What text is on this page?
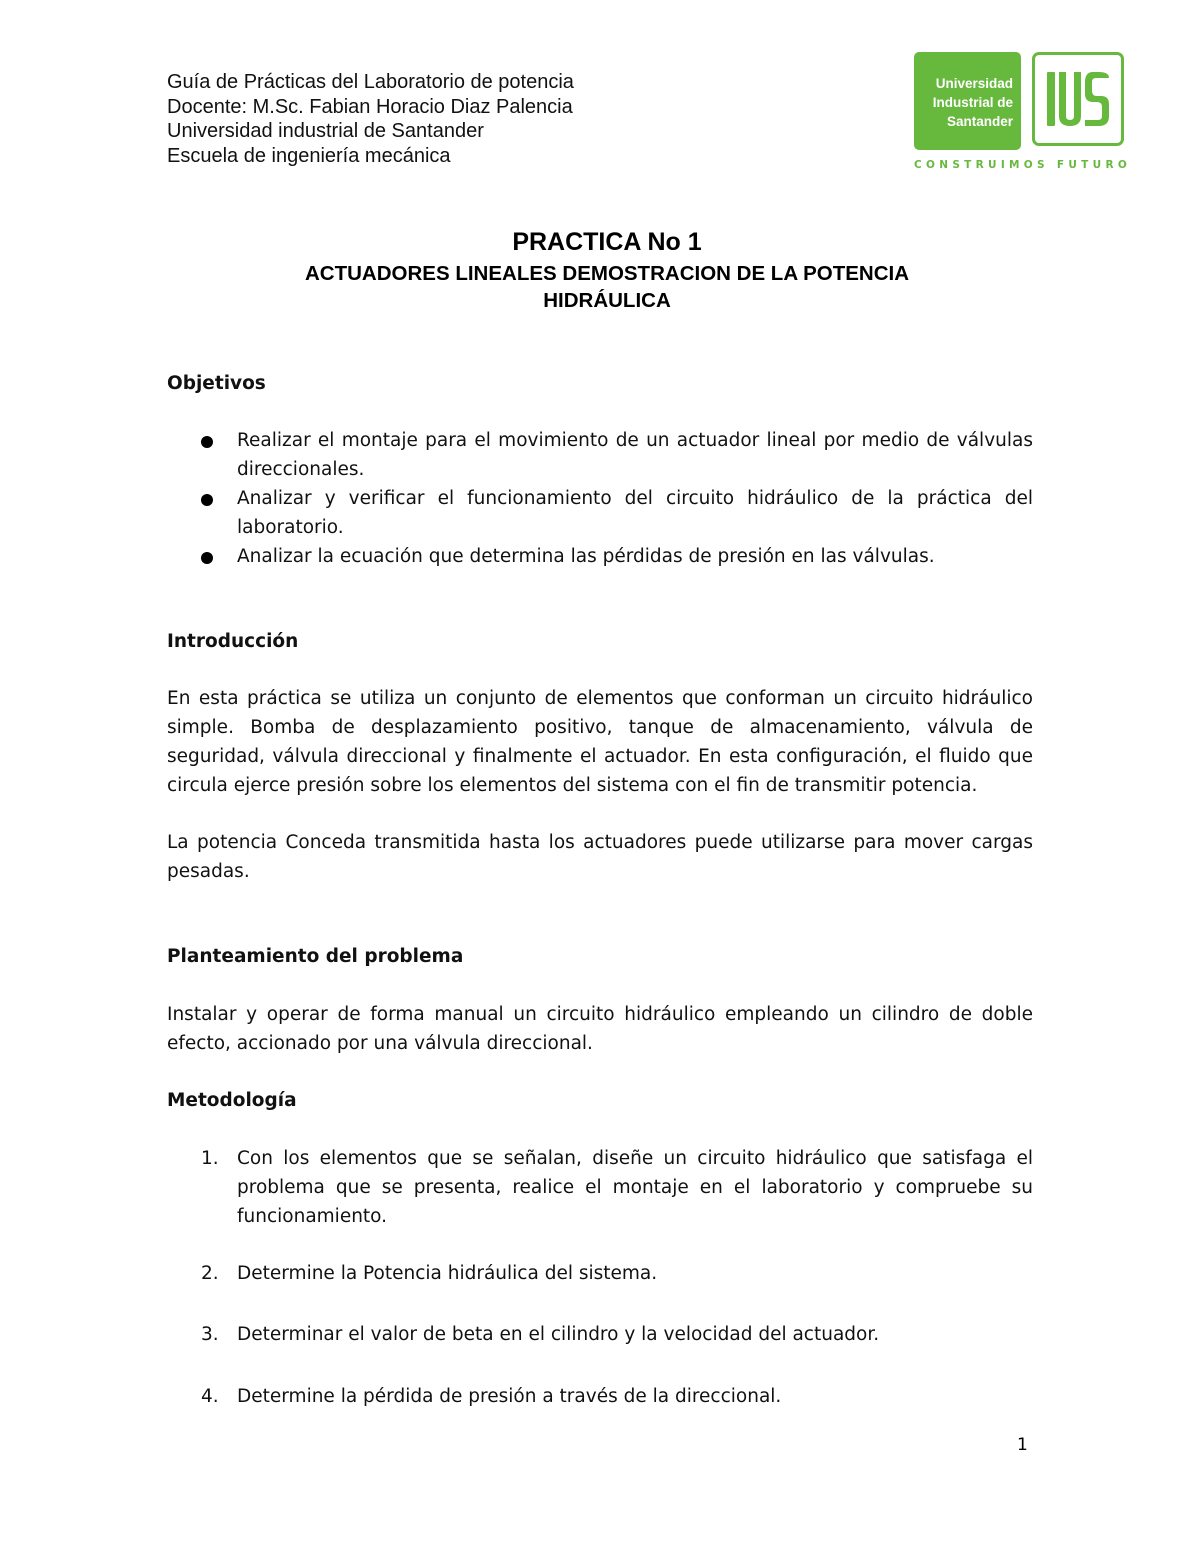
Guía de Prácticas del Laboratorio de potencia
Docente: M.Sc. Fabian Horacio Diaz Palencia
Universidad industrial de Santander
Escuela de ingeniería mecánica
Universidad
Industrial de
Santander
CONSTRUIMOS FUTURO
PRACTICA No 1
ACTUADORES LINEALES DEMOSTRACION DE LA POTENCIA
HIDRÁULICA
Objetivos
Realizar el montaje para el movimiento de un actuador lineal por medio de válvulas direccionales.
Analizar y verificar el funcionamiento del circuito hidráulico de la práctica del laboratorio.
Analizar la ecuación que determina las pérdidas de presión en las válvulas.
Introducción
En esta práctica se utiliza un conjunto de elementos que conforman un circuito hidráulico simple. Bomba de desplazamiento positivo, tanque de almacenamiento, válvula de seguridad, válvula direccional y finalmente el actuador. En esta configuración, el fluido que circula ejerce presión sobre los elementos del sistema con el fin de transmitir potencia.
La potencia Conceda transmitida hasta los actuadores puede utilizarse para mover cargas pesadas.
Planteamiento del problema
Instalar y operar de forma manual un circuito hidráulico empleando un cilindro de doble efecto, accionado por una válvula direccional.
Metodología
1. Con los elementos que se señalan, diseñe un circuito hidráulico que satisfaga el problema que se presenta, realice el montaje en el laboratorio y compruebe su funcionamiento.
2. Determine la Potencia hidráulica del sistema.
3. Determinar el valor de beta en el cilindro y la velocidad del actuador.
4. Determine la pérdida de presión a través de la direccional.
1
